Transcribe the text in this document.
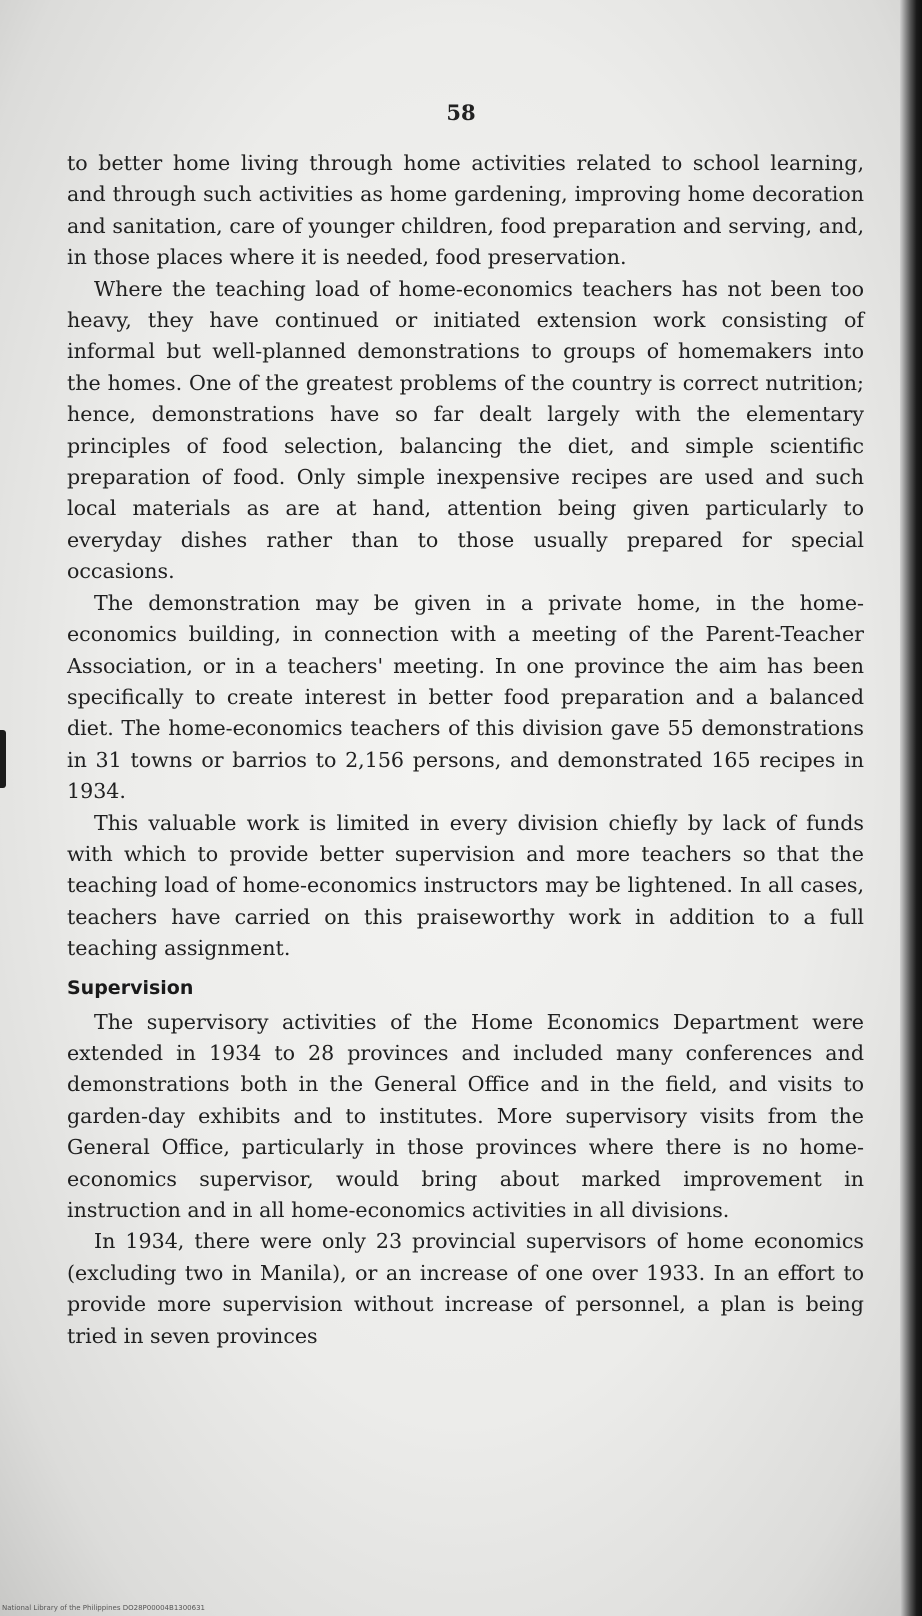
58

to better home living through home activities related to school learning, and through such activities as home gardening, improving home decoration and sanitation, care of younger children, food preparation and serving, and, in those places where it is needed, food preservation.

Where the teaching load of home-economics teachers has not been too heavy, they have continued or initiated extension work consisting of informal but well-planned demonstrations to groups of homemakers into the homes. One of the greatest problems of the country is correct nutrition; hence, demonstrations have so far dealt largely with the elementary principles of food selection, balancing the diet, and simple scientific preparation of food. Only simple inexpensive recipes are used and such local materials as are at hand, attention being given particularly to everyday dishes rather than to those usually prepared for special occasions.

The demonstration may be given in a private home, in the home-economics building, in connection with a meeting of the Parent-Teacher Association, or in a teachers' meeting. In one province the aim has been specifically to create interest in better food preparation and a balanced diet. The home-economics teachers of this division gave 55 demonstrations in 31 towns or barrios to 2,156 persons, and demonstrated 165 recipes in 1934.

This valuable work is limited in every division chiefly by lack of funds with which to provide better supervision and more teachers so that the teaching load of home-economics instructors may be lightened. In all cases, teachers have carried on this praiseworthy work in addition to a full teaching assignment.

Supervision

The supervisory activities of the Home Economics Department were extended in 1934 to 28 provinces and included many conferences and demonstrations both in the General Office and in the field, and visits to garden-day exhibits and to institutes. More supervisory visits from the General Office, particularly in those provinces where there is no home-economics supervisor, would bring about marked improvement in instruction and in all home-economics activities in all divisions.

In 1934, there were only 23 provincial supervisors of home economics (excluding two in Manila), or an increase of one over 1933. In an effort to provide more supervision without increase of personnel, a plan is being tried in seven provinces

National Library of the Philippines DO28P00004B1300631
